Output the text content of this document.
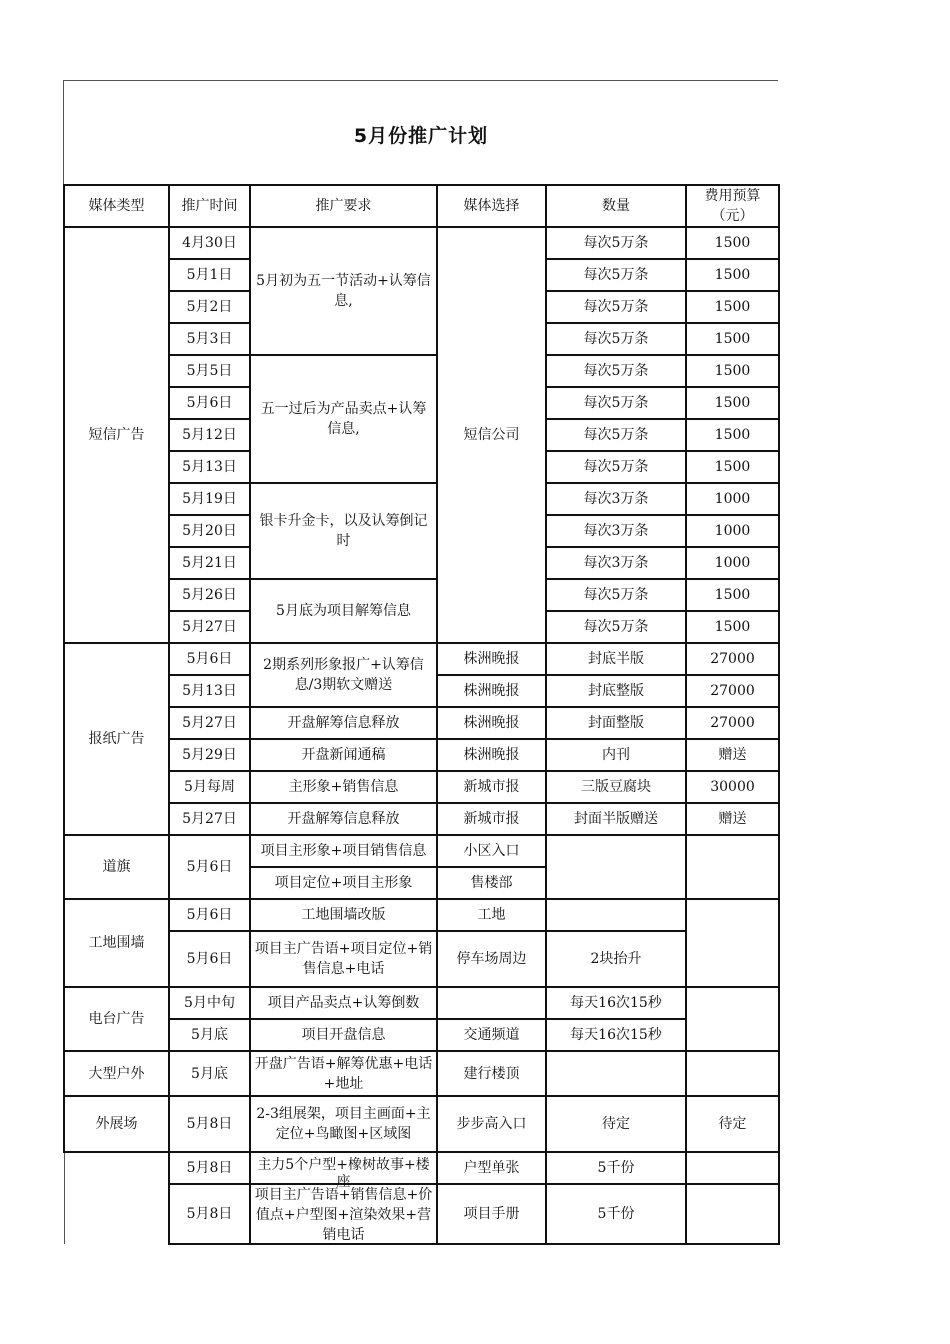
5月份推广计划
媒体类型	推广时间	推广要求	媒体选择	数量	费用预算（元）
短信广告	4月30日	5月初为五一节活动+认筹信息,	短信公司	每次5万条	1500
	5月1日			每次5万条	1500
	5月2日			每次5万条	1500
	5月3日			每次5万条	1500
	5月5日	五一过后为产品卖点+认筹信息,		每次5万条	1500
	5月6日			每次5万条	1500
	5月12日			每次5万条	1500
	5月13日			每次5万条	1500
	5月19日	银卡升金卡，以及认筹倒记时		每次3万条	1000
	5月20日			每次3万条	1000
	5月21日			每次3万条	1000
	5月26日	5月底为项目解筹信息		每次5万条	1500
	5月27日			每次5万条	1500
报纸广告	5月6日	2期系列形象报广+认筹信息/3期软文赠送	株洲晚报	封底半版	27000
	5月13日		株洲晚报	封底整版	27000
	5月27日	开盘解筹信息释放	株洲晚报	封面整版	27000
	5月29日	开盘新闻通稿	株洲晚报	内刊	赠送
	5月每周	主形象+销售信息	新城市报	三版豆腐块	30000
	5月27日	开盘解筹信息释放	新城市报	封面半版赠送	赠送
道旗	5月6日	项目主形象+项目销售信息	小区入口		
		项目定位+项目主形象	售楼部		
工地围墙	5月6日	工地围墙改版	工地		
	5月6日	项目主广告语+项目定位+销售信息+电话	停车场周边	2块抬升	
电台广告	5月中旬	项目产品卖点+认筹倒数		每天16次15秒	
	5月底	项目开盘信息	交通频道	每天16次15秒	
大型户外	5月底	开盘广告语+解筹优惠+电话+地址	建行楼顶		
外展场	5月8日	2-3组展架，项目主画面+主定位+鸟瞰图+区域图	步步高入口	待定	待定
	5月8日	主力5个户型+橡树故事+楼座	户型单张	5千份	
	5月8日	项目主广告语+销售信息+价值点+户型图+渲染效果+营销电话	项目手册	5千份	
